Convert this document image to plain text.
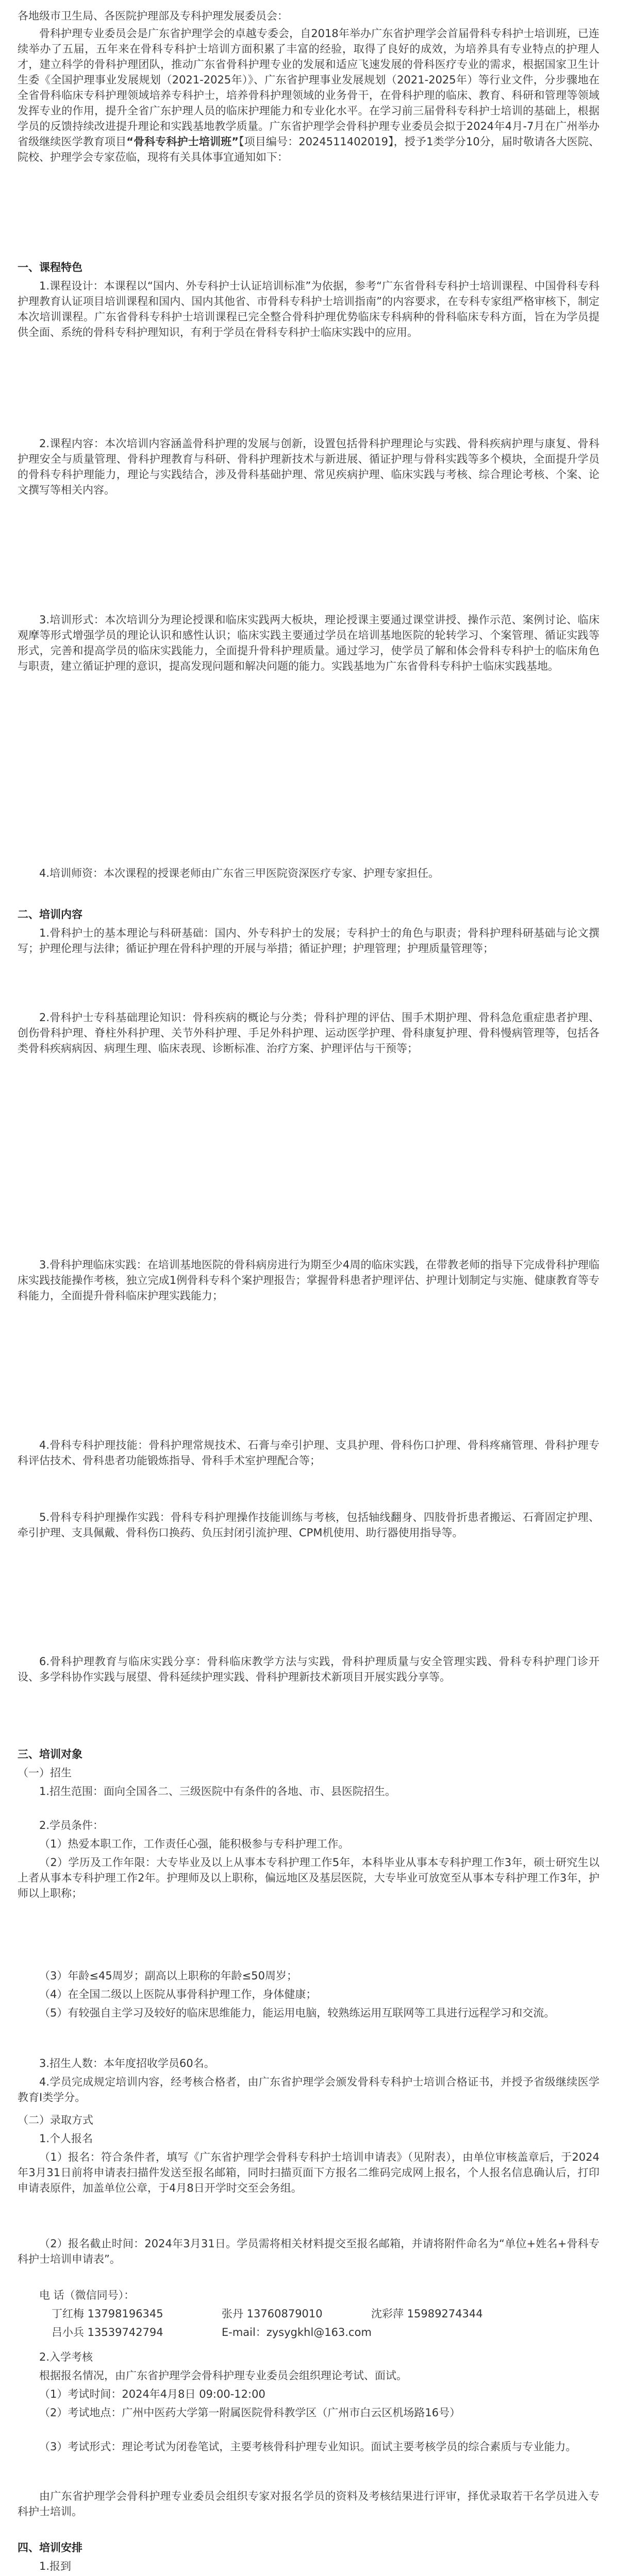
各地级市卫生局、各医院护理部及专科护理发展委员会：
骨科护理专业委员会是广东省护理学会的卓越专委会，自2018年举办广东省护理学会首届骨科专科护士培训班，已连续举办了五届，五年来在骨科专科护士培训方面积累了丰富的经验，取得了良好的成效，为培养具有专业特点的护理人才，建立科学的骨科护理团队，推动广东省骨科护理专业的发展和适应飞速发展的骨科医疗专业的需求，根据国家卫生计生委《全国护理事业发展规划（2021-2025年）》、广东省护理事业发展规划（2021-2025年）等行业文件，分步骤地在全省骨科临床专科护理领域培养专科护士，培养骨科护理领域的业务骨干，在骨科护理的临床、教育、科研和管理等领域发挥专业的作用，提升全省广东护理人员的临床护理能力和专业化水平。在学习前三届骨科专科护士培训的基础上，根据学员的反馈持续改进提升理论和实践基地教学质量。广东省护理学会骨科护理专业委员会拟于2024年4月-7月在广州举办省级继续医学教育项目“骨科专科护士培训班”【项目编号：2024511402019】，授予1类学分10分，届时敬请各大医院、院校、护理学会专家莅临，现将有关具体事宜通知如下：
一、课程特色
1.课程设计：本课程以“国内、外专科护士认证培训标准”为依据，参考“广东省骨科专科护士培训课程、中国骨科专科护理教育认证项目培训课程和国内、国内其他省、市骨科专科护士培训指南”的内容要求，在专科专家组严格审核下，制定本次培训课程。广东省骨科专科护士培训课程已完全整合骨科护理优势临床专科病种的骨科临床专科方面，旨在为学员提供全面、系统的骨科专科护理知识，有利于学员在骨科专科护士临床实践中的应用。
2.课程内容：本次培训内容涵盖骨科护理的发展与创新，设置包括骨科护理理论与实践、骨科疾病护理与康复、骨科护理安全与质量管理、骨科护理教育与科研、骨科护理新技术与新进展、循证护理与骨科实践等多个模块，全面提升学员的骨科专科护理能力，理论与实践结合，涉及骨科基础护理、常见疾病护理、临床实践与考核、综合理论考核、个案、论文撰写等相关内容。
3.培训形式：本次培训分为理论授课和临床实践两大板块，理论授课主要通过课堂讲授、操作示范、案例讨论、临床观摩等形式增强学员的理论认识和感性认识；临床实践主要通过学员在培训基地医院的轮转学习、个案管理、循证实践等形式，完善和提高学员的临床实践能力，全面提升骨科护理质量。通过学习，使学员了解和体会骨科专科护士的临床角色与职责，建立循证护理的意识，提高发现问题和解决问题的能力。实践基地为广东省骨科专科护士临床实践基地。
4.培训师资：本次课程的授课老师由广东省三甲医院资深医疗专家、护理专家担任。
二、培训内容
1.骨科护士的基本理论与科研基础：国内、外专科护士的发展；专科护士的角色与职责；骨科护理科研基础与论文撰写；护理伦理与法律；循证护理在骨科护理的开展与举措；循证护理；护理管理；护理质量管理等；
2.骨科护士专科基础理论知识：骨科疾病的概论与分类；骨科护理的评估、围手术期护理、骨科急危重症患者护理、创伤骨科护理、脊柱外科护理、关节外科护理、手足外科护理、运动医学护理、骨科康复护理、骨科慢病管理等，包括各类骨科疾病病因、病理生理、临床表现、诊断标准、治疗方案、护理评估与干预等；
3.骨科护理临床实践：在培训基地医院的骨科病房进行为期至少4周的临床实践，在带教老师的指导下完成骨科护理临床实践技能操作考核，独立完成1例骨科专科个案护理报告；掌握骨科患者护理评估、护理计划制定与实施、健康教育等专科能力，全面提升骨科临床护理实践能力；
4.骨科专科护理技能：骨科护理常规技术、石膏与牵引护理、支具护理、骨科伤口护理、骨科疼痛管理、骨科护理专科评估技术、骨科患者功能锻炼指导、骨科手术室护理配合等；
5.骨科专科护理操作实践：骨科专科护理操作技能训练与考核，包括轴线翻身、四肢骨折患者搬运、石膏固定护理、牵引护理、支具佩戴、骨科伤口换药、负压封闭引流护理、CPM机使用、助行器使用指导等。
6.骨科护理教育与临床实践分享：骨科临床教学方法与实践，骨科护理质量与安全管理实践、骨科专科护理门诊开设、多学科协作实践与展望、骨科延续护理实践、骨科护理新技术新项目开展实践分享等。
三、培训对象
（一）招生
1.招生范围：面向全国各二、三级医院中有条件的各地、市、县医院招生。
2.学员条件：
（1）热爱本职工作，工作责任心强，能积极参与专科护理工作。
（2）学历及工作年限：大专毕业及以上从事本专科护理工作5年，本科毕业从事本专科护理工作3年，硕士研究生以上者从事本专科护理工作2年。护理师及以上职称，偏远地区及基层医院，大专毕业可放宽至从事本专科护理工作3年，护师以上职称；
（3）年龄≤45周岁；副高以上职称的年龄≤50周岁；
（4）在全国二级以上医院从事骨科护理工作，身体健康；
（5）有较强自主学习及较好的临床思维能力，能运用电脑，较熟练运用互联网等工具进行远程学习和交流。
3.招生人数：本年度招收学员60名。
4.学员完成规定培训内容，经考核合格者，由广东省护理学会颁发骨科专科护士培训合格证书，并授予省级继续医学教育I类学分。
（二）录取方式
1.个人报名
（1）报名：符合条件者，填写《广东省护理学会骨科专科护士培训申请表》（见附表），由单位审核盖章后，于2024年3月31日前将申请表扫描件发送至报名邮箱，同时扫描页面下方报名二维码完成网上报名，个人报名信息确认后，打印申请表原件，加盖单位公章，于4月8日开学时交至会务组。
（2）报名截止时间：2024年3月31日。学员需将相关材料提交至报名邮箱，并请将附件命名为“单位+姓名+骨科专科护士培训申请表”。
电 话（微信同号）：
丁红梅 13798196345	张丹 13760879010	沈彩萍 15989274344
吕小兵 13539742794	E-mail：zysygkhl@163.com
2.入学考核
根据报名情况，由广东省护理学会骨科护理专业委员会组织理论考试、面试。
（1）考试时间：2024年4月8日 09:00-12:00
（2）考试地点：广州中医药大学第一附属医院骨科教学区（广州市白云区机场路16号）
（3）考试形式：理论考试为闭卷笔试，主要考核骨科护理专业知识。面试主要考核学员的综合素质与专业能力。
由广东省护理学会骨科护理专业委员会组织专家对报名学员的资料及考核结果进行评审，择优录取若干名学员进入专科护士培训。
四、培训安排
1.报到
